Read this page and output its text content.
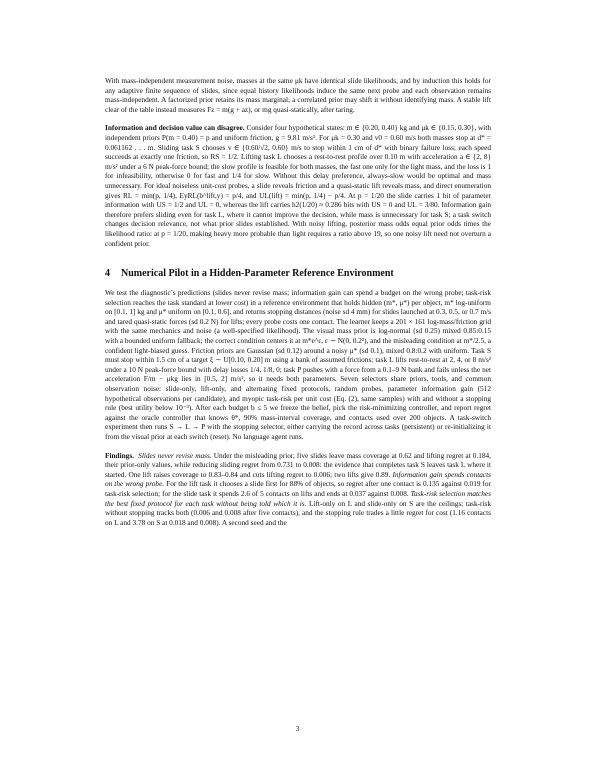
With mass-independent measurement noise, masses at the same μk have identical slide likelihoods, and by induction this holds for any adaptive finite sequence of slides, since equal history likelihoods induce the same next probe and each observation remains mass-independent. A factorized prior retains its mass marginal; a correlated prior may shift it without identifying mass. A stable lift clear of the table instead measures Fz = m(g + az), or mg quasi-statically, after taring.

Information and decision value can disagree. Consider four hypothetical states: m ∈ {0.20, 0.40} kg and μk ∈ {0.15, 0.30}, with independent priors P(m = 0.40) = p and uniform friction, g = 9.81 m/s². For μk = 0.30 and v0 = 0.60 m/s both masses stop at d* = 0.061162 . . . m. Sliding task S chooses v ∈ {0.60/√2, 0.60} m/s to stop within 1 cm of d* with binary failure loss; each speed succeeds at exactly one friction, so RS = 1/2. Lifting task L chooses a rest-to-rest profile over 0.10 m with acceleration a ∈ {2, 8} m/s² under a 6 N peak-force bound; the slow profile is feasible for both masses, the fast one only for the light mass, and the loss is 1 for infeasibility, otherwise 0 for fast and 1/4 for slow. Without this delay preference, always-slow would be optimal and mass unnecessary. For ideal noiseless unit-cost probes, a slide reveals friction and a quasi-static lift reveals mass, and direct enumeration gives RL = min(p, 1/4), EyRL(b^lift,y) = p/4, and UL(lift) = min(p, 1/4) − p/4. At p = 1/20 the slide carries 1 bit of parameter information with US = 1/2 and UL = 0, whereas the lift carries h2(1/20) ≈ 0.286 bits with US = 0 and UL = 3/80. Information gain therefore prefers sliding even for task L, where it cannot improve the decision, while mass is unnecessary for task S; a task switch changes decision relevance, not what prior slides established. With noisy lifting, posterior mass odds equal prior odds times the likelihood ratio: at p = 1/20, making heavy more probable than light requires a ratio above 19, so one noisy lift need not overturn a confident prior.

4 Numerical Pilot in a Hidden-Parameter Reference Environment

We test the diagnostic’s predictions (slides never revise mass; information gain can spend a budget on the wrong probe; task-risk selection reaches the task standard at lower cost) in a reference environment that holds hidden (m*, μ*) per object, m* log-uniform on [0.1, 1] kg and μ* uniform on [0.1, 0.6], and returns stopping distances (noise sd 4 mm) for slides launched at 0.3, 0.5, or 0.7 m/s and tared quasi-static forces (sd 0.2 N) for lifts; every probe costs one contact. The learner keeps a 201 × 161 log-mass/friction grid with the same mechanics and noise (a well-specified likelihood). The visual mass prior is log-normal (sd 0.25) mixed 0.85:0.15 with a bounded uniform fallback; the correct condition centers it at m*e^ε, ε ∼ N(0, 0.2²), and the misleading condition at m*/2.5, a confident light-biased guess. Friction priors are Gaussian (sd 0.12) around a noisy μ* (sd 0.1), mixed 0.8:0.2 with uniform. Task S must stop within 1.5 cm of a target ξ ∼ U[0.10, 0.20] m using a bank of assumed frictions; task L lifts rest-to-rest at 2, 4, or 8 m/s² under a 10 N peak-force bound with delay losses 1/4, 1/8, 0; task P pushes with a force from a 0.1–9 N bank and fails unless the net acceleration F/m − μkg lies in [0.5, 2] m/s², so it needs both parameters. Seven selectors share priors, tools, and common observation noise: slide-only, lift-only, and alternating fixed protocols, random probes, parameter information gain (512 hypothetical observations per candidate), and myopic task-risk per unit cost (Eq. (2), same samples) with and without a stopping rule (best utility below 10⁻³). After each budget b ≤ 5 we freeze the belief, pick the risk-minimizing controller, and report regret against the oracle controller that knows θ*, 90% mass-interval coverage, and contacts used over 200 objects. A task-switch experiment then runs S → L → P with the stopping selector, either carrying the record across tasks (persistent) or re-initializing it from the visual prior at each switch (reset). No language agent runs.

Findings. Slides never revise mass. Under the misleading prior, five slides leave mass coverage at 0.62 and lifting regret at 0.184, their prior-only values, while reducing sliding regret from 0.731 to 0.008: the evidence that completes task S leaves task L where it started. One lift raises coverage to 0.83–0.84 and cuts lifting regret to 0.006; two lifts give 0.89. Information gain spends contacts on the wrong probe. For the lift task it chooses a slide first for 88% of objects, so regret after one contact is 0.135 against 0.019 for task-risk selection; for the slide task it spends 2.6 of 5 contacts on lifts and ends at 0.037 against 0.008. Task-risk selection matches the best fixed protocol for each task without being told which it is. Lift-only on L and slide-only on S are the ceilings; task-risk without stopping tracks both (0.006 and 0.008 after five contacts), and the stopping rule trades a little regret for cost (1.16 contacts on L and 3.78 on S at 0.018 and 0.008). A second seed and the

3
